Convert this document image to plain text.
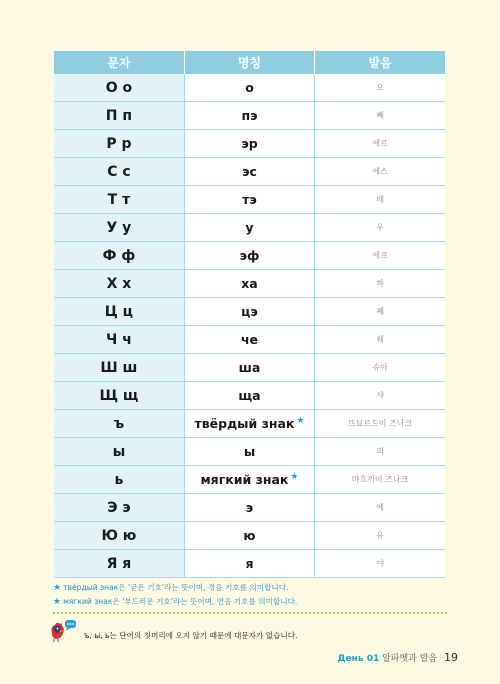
문자	명칭	발음
О о	о	오
П п	пэ	뻬
Р р	эр	에르
С с	эс	에스
Т т	тэ	떼
У у	у	우
Ф ф	эф	에프
Х х	ха	하
Ц ц	цэ	쩨
Ч ч	че	췌
Ш ш	ша	슈아
Щ щ	ща	샤
ъ	твёрдый знак ★	뜨뵤르드이 즈나크
ы	ы	의
ь	мягкий знак ★	먀흐끼이 즈나크
Э э	э	에
Ю ю	ю	유
Я я	я	야
★ твёрдый знак은 '굳은 기호'라는 뜻이며, 경음 기호를 의미합니다.
★ мягкий знак은 '부드러운 기호'라는 뜻이며, 연음 기호를 의미합니다.
ъ, ы, ь는 단어의 첫머리에 오지 않기 때문에 대문자가 없습니다.
День 01 알파벳과 발음 19
